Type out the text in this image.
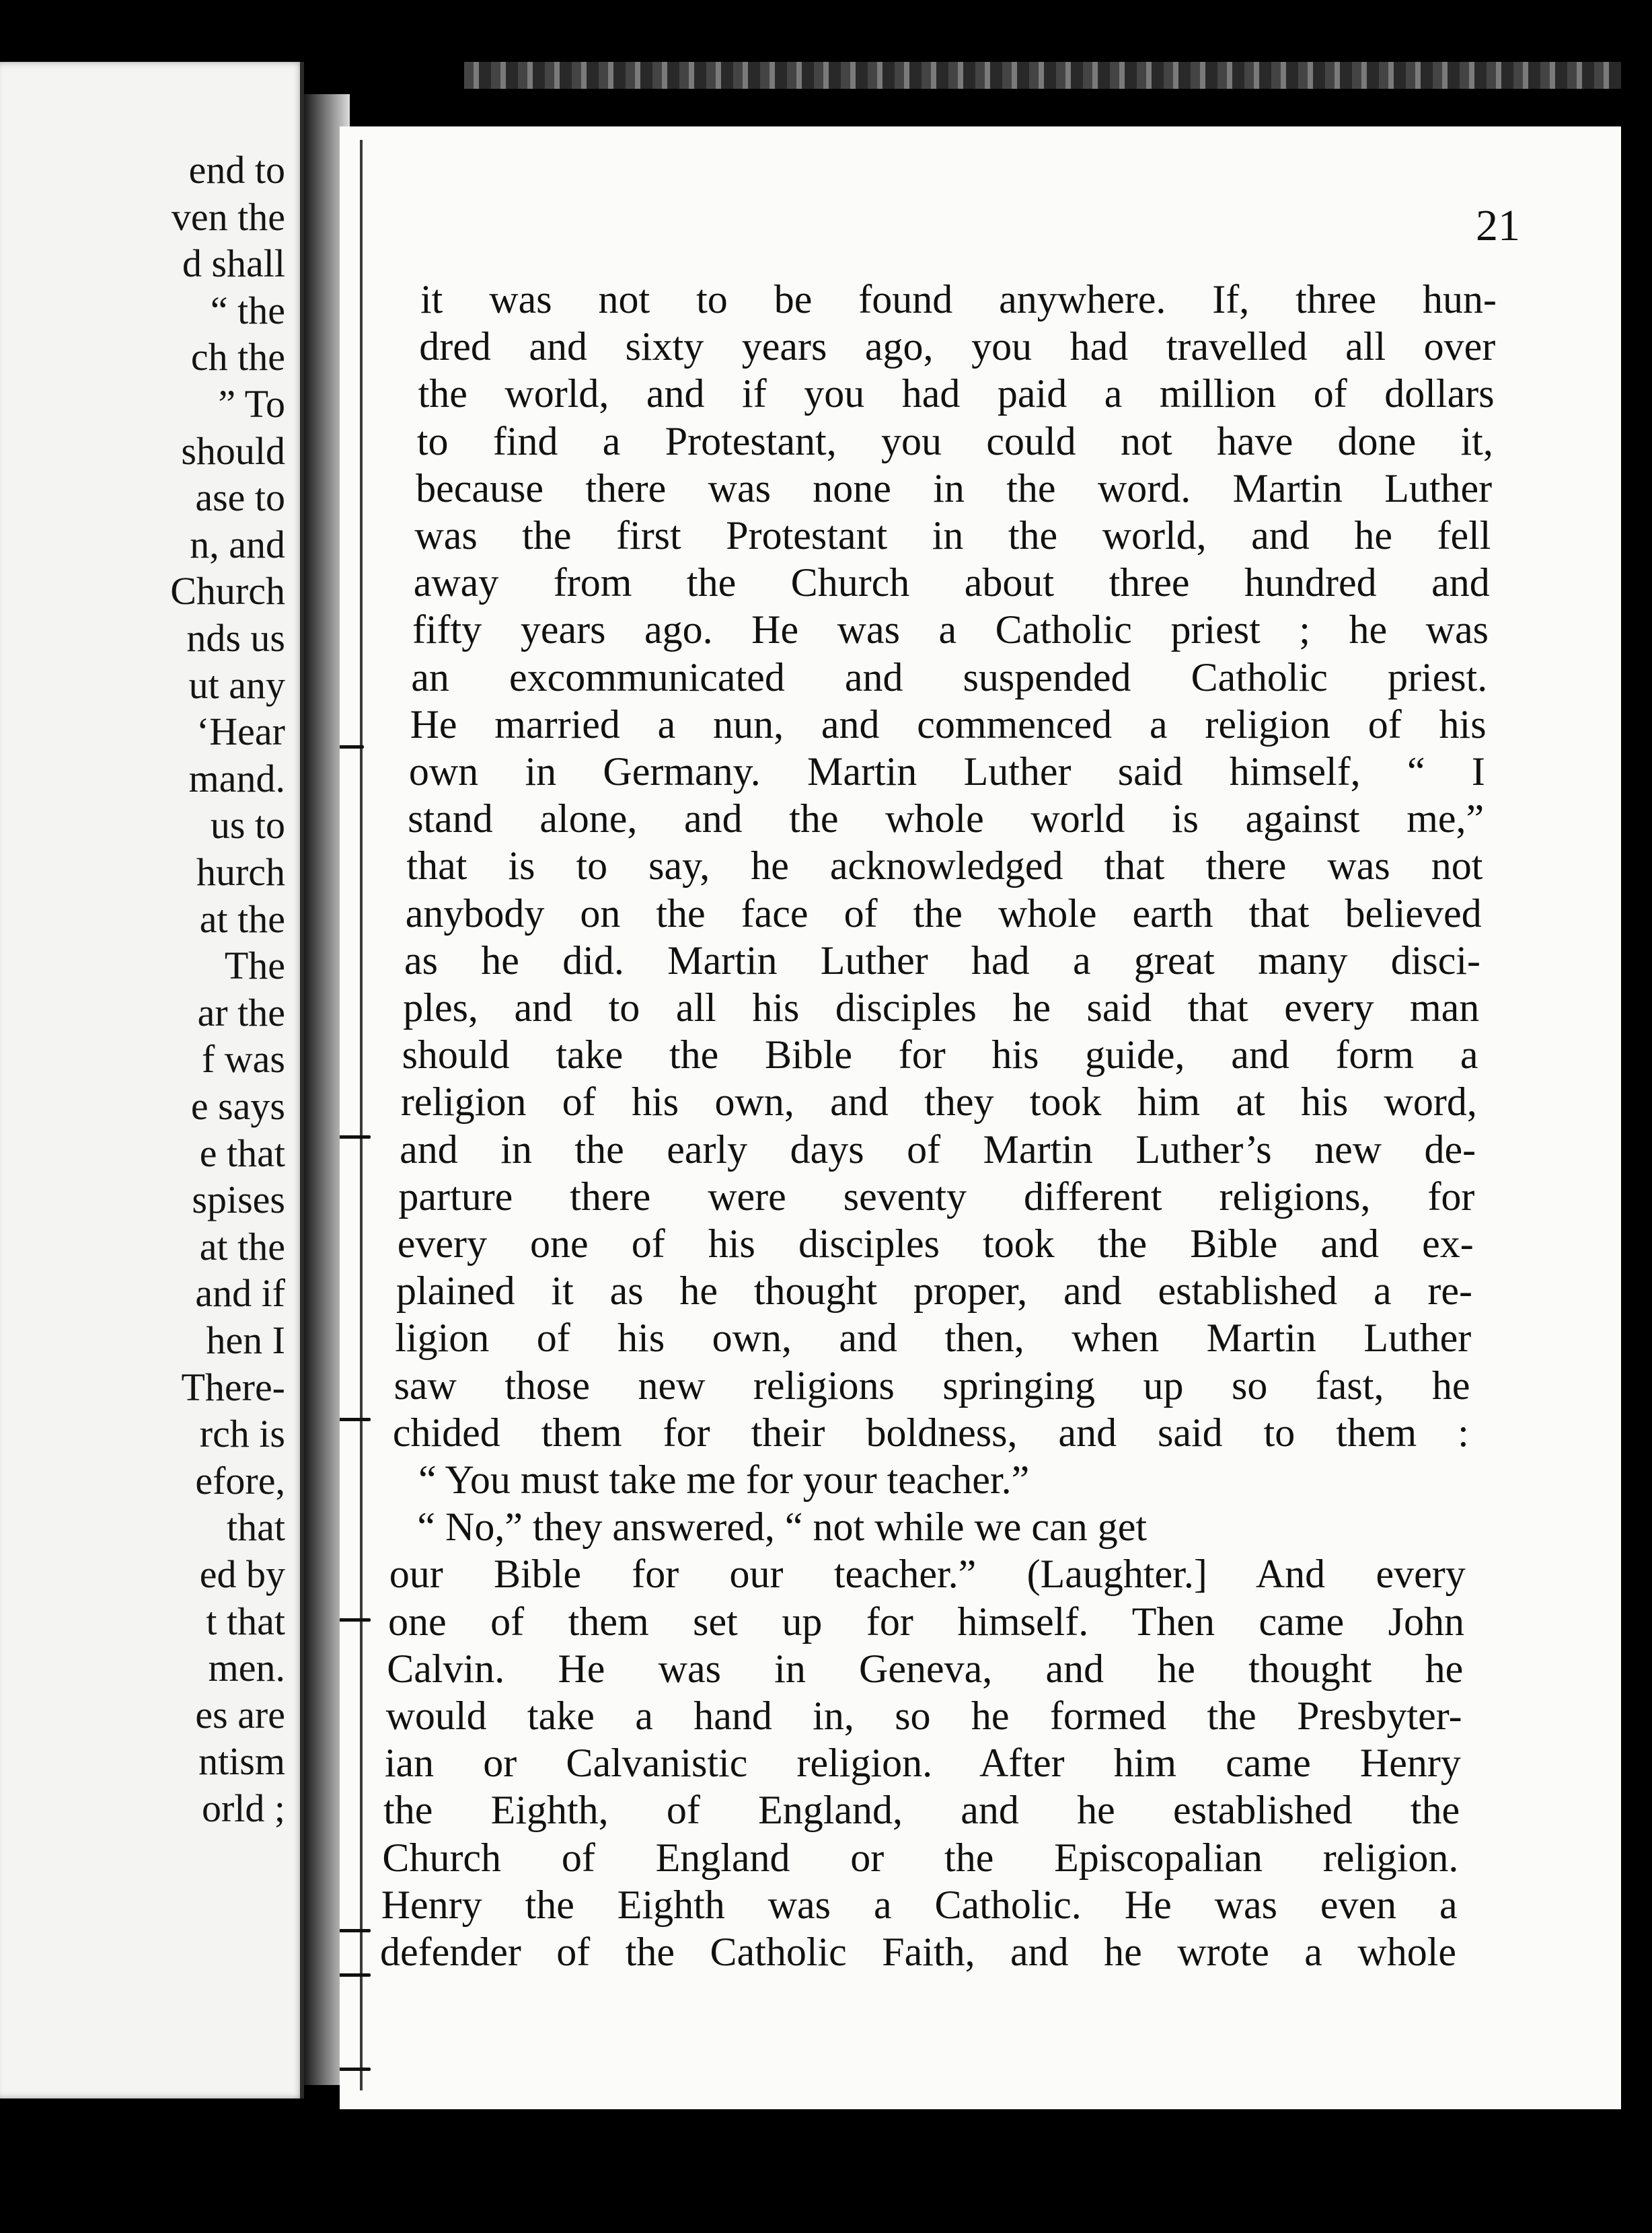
end to
ven the
d shall
“ the
ch the
” To
should
ase to
n, and
Church
nds us
ut any
‘Hear
mand.
us to
hurch
at the
The
ar the
f was
e says
e that
spises
at the
and if
hen I
There-
rch is
efore,
that
ed by
t that
men.
es are
ntism
orld ;
21
it was not to be found anywhere. If, three hun-
dred and sixty years ago, you had travelled all over
the world, and if you had paid a million of dollars
to find a Protestant, you could not have done it,
because there was none in the word. Martin Luther
was the first Protestant in the world, and he fell
away from the Church about three hundred and
fifty years ago. He was a Catholic priest ; he was
an excommunicated and suspended Catholic priest.
He married a nun, and commenced a religion of his
own in Germany. Martin Luther said himself, “ I
stand alone, and the whole world is against me,”
that is to say, he acknowledged that there was not
anybody on the face of the whole earth that believed
as he did. Martin Luther had a great many disci-
ples, and to all his disciples he said that every man
should take the Bible for his guide, and form a
religion of his own, and they took him at his word,
and in the early days of Martin Luther’s new de-
parture there were seventy different religions, for
every one of his disciples took the Bible and ex-
plained it as he thought proper, and established a re-
ligion of his own, and then, when Martin Luther
saw those new religions springing up so fast, he
chided them for their boldness, and said to them :
“ You must take me for your teacher.”
“ No,” they answered, “ not while we can get
our Bible for our teacher.” (Laughter.] And every
one of them set up for himself. Then came John
Calvin. He was in Geneva, and he thought he
would take a hand in, so he formed the Presbyter-
ian or Calvanistic religion. After him came Henry
the Eighth, of England, and he established the
Church of England or the Episcopalian religion.
Henry the Eighth was a Catholic. He was even a
defender of the Catholic Faith, and he wrote a whole
